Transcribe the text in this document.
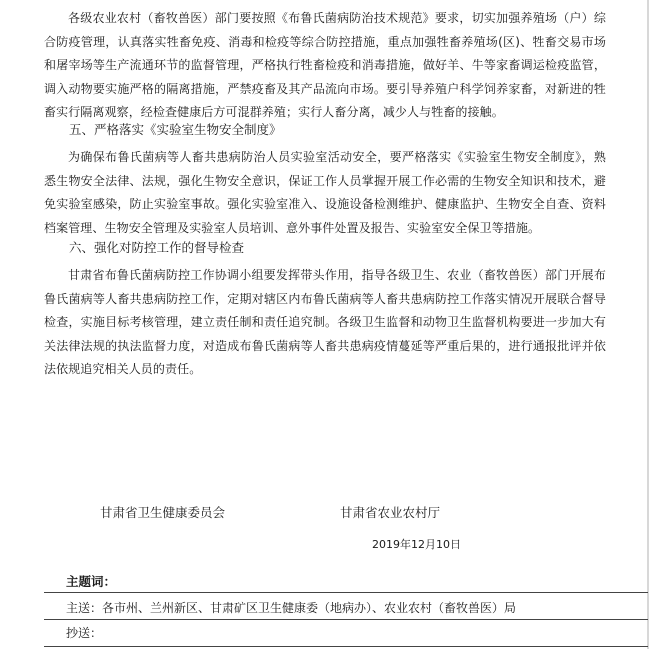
各级农业农村（畜牧兽医）部门要按照《布鲁氏菌病防治技术规范》要求，切实加强养殖场（户）综合防疫管理，认真落实牲畜免疫、消毒和检疫等综合防控措施，重点加强牲畜养殖场(区)、牲畜交易市场和屠宰场等生产流通环节的监督管理，严格执行牲畜检疫和消毒措施，做好羊、牛等家畜调运检疫监管，调入动物要实施严格的隔离措施，严禁疫畜及其产品流向市场。要引导养殖户科学饲养家畜，对新进的牲畜实行隔离观察，经检查健康后方可混群养殖；实行人畜分离，减少人与牲畜的接触。

五、严格落实《实验室生物安全制度》

为确保布鲁氏菌病等人畜共患病防治人员实验室活动安全，要严格落实《实验室生物安全制度》，熟悉生物安全法律、法规，强化生物安全意识，保证工作人员掌握开展工作必需的生物安全知识和技术，避免实验室感染，防止实验室事故。强化实验室准入、设施设备检测维护、健康监护、生物安全自查、资料档案管理、生物安全管理及实验室人员培训、意外事件处置及报告、实验室安全保卫等措施。

六、强化对防控工作的督导检查

甘肃省布鲁氏菌病防控工作协调小组要发挥带头作用，指导各级卫生、农业（畜牧兽医）部门开展布鲁氏菌病等人畜共患病防控工作，定期对辖区内布鲁氏菌病等人畜共患病防控工作落实情况开展联合督导检查，实施目标考核管理，建立责任制和责任追究制。各级卫生监督和动物卫生监督机构要进一步加大有关法律法规的执法监督力度，对造成布鲁氏菌病等人畜共患病疫情蔓延等严重后果的，进行通报批评并依法依规追究相关人员的责任。

甘肃省卫生健康委员会	甘肃省农业农村厅
2019年12月10日
主题词：
主送：各市州、兰州新区、甘肃矿区卫生健康委（地病办）、农业农村（畜牧兽医）局
抄送：
